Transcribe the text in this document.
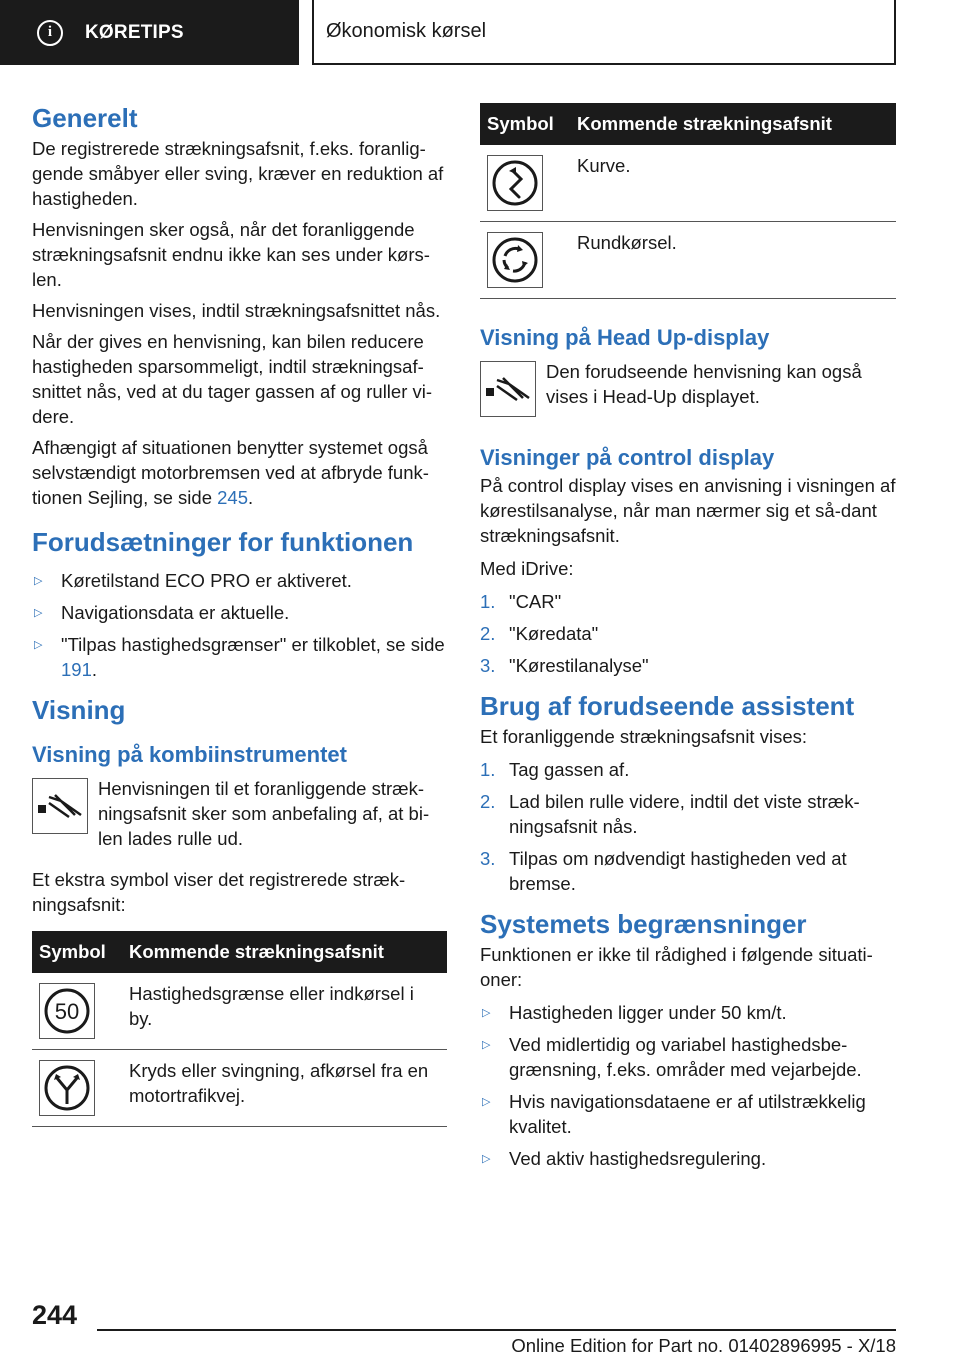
i	KØRETIPS	Økonomisk kørsel
Generelt

De registrerede strækningsafsnit, f.eks. foranlig‐gende småbyer eller sving, kræver en reduktion af hastigheden.

Henvisningen sker også, når det foranliggende strækningsafsnit endnu ikke kan ses under kørs‐len.

Henvisningen vises, indtil strækningsafsnittet nås.

Når der gives en henvisning, kan bilen reducere hastigheden sparsommeligt, indtil strækningsaf‐snittet nås, ved at du tager gassen af og ruller vi‐dere.

Afhængigt af situationen benytter systemet også selvstændigt motorbremsen ved at afbryde funk‐tionen Sejling, se side 245.

Forudsætninger for funktionen
▷ Køretilstand ECO PRO er aktiveret.
▷ Navigationsdata er aktuelle.
▷ "Tilpas hastighedsgrænser" er tilkoblet, se side 191.
Visning
Visning på kombiinstrumentet

Henvisningen til et foranliggende stræk‐ningsafsnit sker som anbefaling af, at bi‐len lades rulle ud.

Et ekstra symbol viser det registrerede stræk‐ningsafsnit:

Symbol	Kommende strækningsafsnit

50	Hastighedsgrænse eller indkørsel i by.

	Kryds eller svingning, afkørsel fra en motortrafikvej.
Symbol	Kommende strækningsafsnit

	Kurve.

	Rundkørsel.
Visning på Head Up-display

Den forudseende henvisning kan også vises i Head-Up displayet.

Visninger på control display

På control display vises en anvisning i visningen af kørestilsanalyse, når man nærmer sig et så‐dant strækningsafsnit.

Med iDrive:

1. "CAR"
2. "Køredata"
3. "Kørestilanalyse"
Brug af forudseende assistent

Et foranliggende strækningsafsnit vises:

1. Tag gassen af.
2. Lad bilen rulle videre, indtil det viste stræk‐ningsafsnit nås.
3. Tilpas om nødvendigt hastigheden ved at bremse.
Systemets begrænsninger

Funktionen er ikke til rådighed i følgende situati‐oner:

▷ Hastigheden ligger under 50 km/t.
▷ Ved midlertidig og variabel hastighedsbe‐grænsning, f.eks. områder med vejarbejde.
▷ Hvis navigationsdataene er af utilstrækkelig kvalitet.
▷ Ved aktiv hastighedsregulering.
244
Online Edition for Part no. 01402896995 - X/18
